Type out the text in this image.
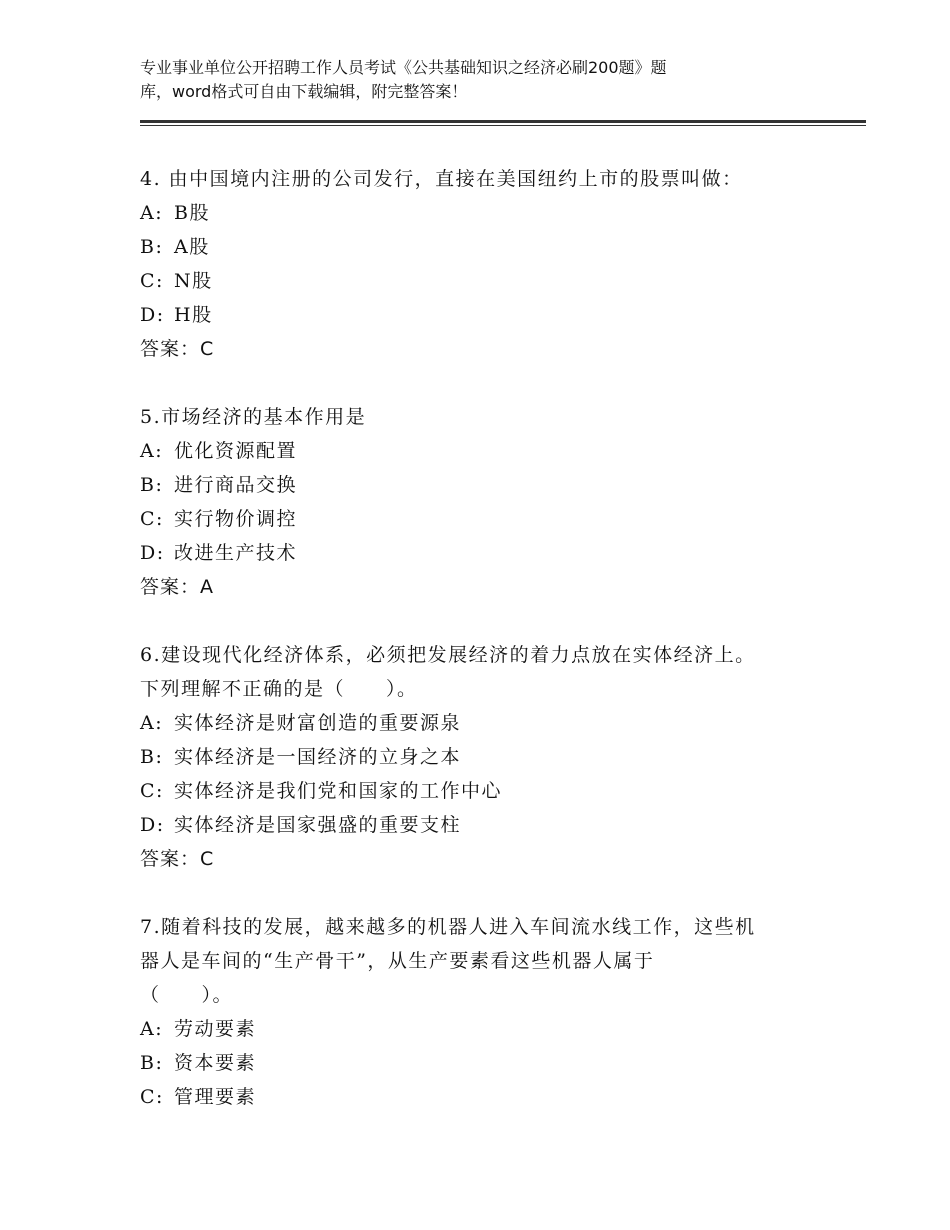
专业事业单位公开招聘工作人员考试《公共基础知识之经济必刷200题》题
库，word格式可自由下载编辑，附完整答案！
4. 由中国境内注册的公司发行，直接在美国纽约上市的股票叫做：
A: B股
B: A股
C: N股
D: H股
答案：C
5.市场经济的基本作用是
A: 优化资源配置
B: 进行商品交换
C: 实行物价调控
D: 改进生产技术
答案：A
6.建设现代化经济体系，必须把发展经济的着力点放在实体经济上。
下列理解不正确的是（　　）。
A: 实体经济是财富创造的重要源泉
B: 实体经济是一国经济的立身之本
C: 实体经济是我们党和国家的工作中心
D: 实体经济是国家强盛的重要支柱
答案：C
7.随着科技的发展，越来越多的机器人进入车间流水线工作，这些机
器人是车间的“生产骨干”，从生产要素看这些机器人属于
（　　）。
A: 劳动要素
B: 资本要素
C: 管理要素
